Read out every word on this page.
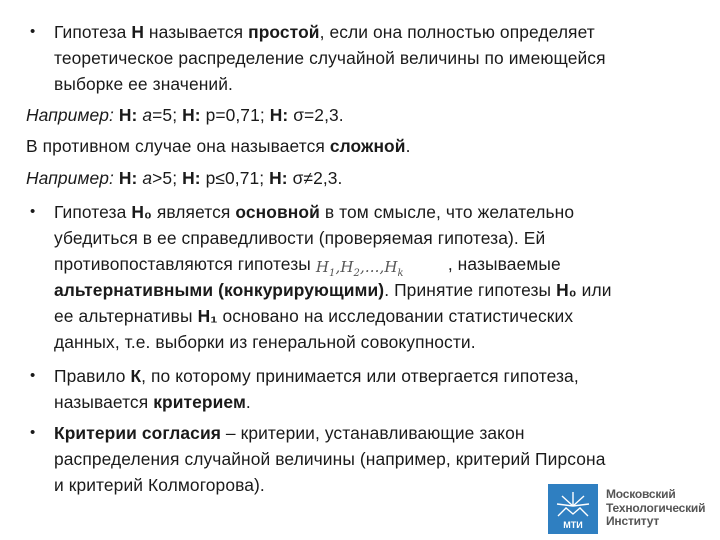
• Гипотеза H называется простой, если она полностью определяет
теоретическое распределение случайной величины по имеющейся
выборке ее значений.
Например: H: a=5; H: p=0,71; H: σ=2,3.
В противном случае она называется сложной.
Например: H: a>5; H: p≤0,71; H: σ≠2,3.
• Гипотеза H₀ является основной в том смысле, что желательно
убедиться в ее справедливости (проверяемая гипотеза). Ей
противопоставляются гипотезы $H_1,H_2,...,H_k$	, называемые
альтернативными (конкурирующими). Принятие гипотезы H₀ или
ее альтернативы H₁ основано на исследовании статистических
данных, т.е. выборки из генеральной совокупности.
• Правило К, по которому принимается или отвергается гипотеза,
называется критерием.
• Критерии согласия – критерии, устанавливающие закон
распределения случайной величины (например, критерий Пирсона
и критерий Колмогорова).
МТИ
Московский
Технологический
Институт
